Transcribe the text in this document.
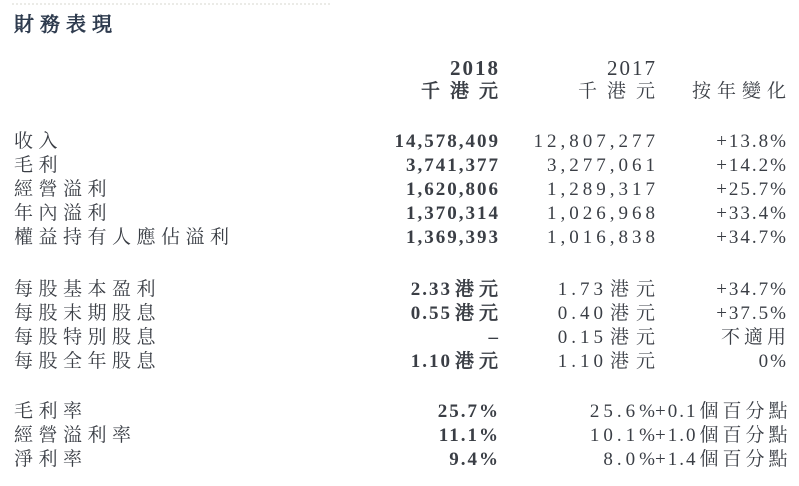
財務表現
	2018	2017	
	千港元	千港元	按年變化

收入	14,578,409	12,807,277	+13.8%
毛利	3,741,377	3,277,061	+14.2%
經營溢利	1,620,806	1,289,317	+25.7%
年內溢利	1,370,314	1,026,968	+33.4%
權益持有人應佔溢利	1,369,393	1,016,838	+34.7%

每股基本盈利	2.33 港 元	1.73 港 元	+34.7%
每股末期股息	0.55 港 元	0.40 港 元	+37.5%
每股特別股息	–	0.15 港 元	不 適 用
每股全年股息	1.10 港 元	1.10 港 元	0%

毛利率	25.7%	25.6%	+0.1 個 百 分 點
經營溢利率	11.1%	10.1%	+1.0 個 百 分 點
淨利率	9.4%	8.0%	+1.4 個 百 分 點
